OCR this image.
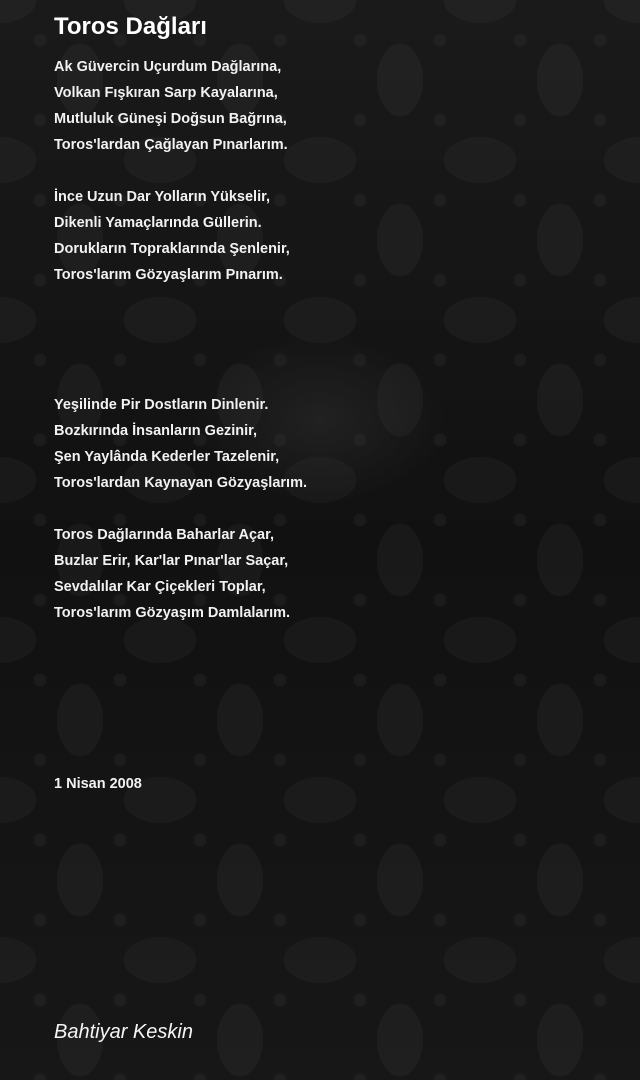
Toros Dağları

Ak Güvercin Uçurdum Dağlarına,
Volkan Fışkıran Sarp Kayalarına,
Mutluluk Güneşi Doğsun Bağrına,
Toros'lardan Çağlayan Pınarlarım.

İnce Uzun Dar Yolların Yükselir,
Dikenli Yamaçlarında Güllerin.
Dorukların Topraklarında Şenlenir,
Toros'larım Gözyaşlarım Pınarım.

Yeşilinde Pir Dostların Dinlenir.
Bozkırında İnsanların Gezinir,
Şen Yaylânda Kederler Tazelenir,
Toros'lardan Kaynayan Gözyaşlarım.

Toros Dağlarında Baharlar Açar,
Buzlar Erir, Kar'lar Pınar'lar Saçar,
Sevdalılar Kar Çiçekleri Toplar,
Toros'larım Gözyaşım Damlalarım.

1 Nisan 2008
Bahtiyar Keskin
